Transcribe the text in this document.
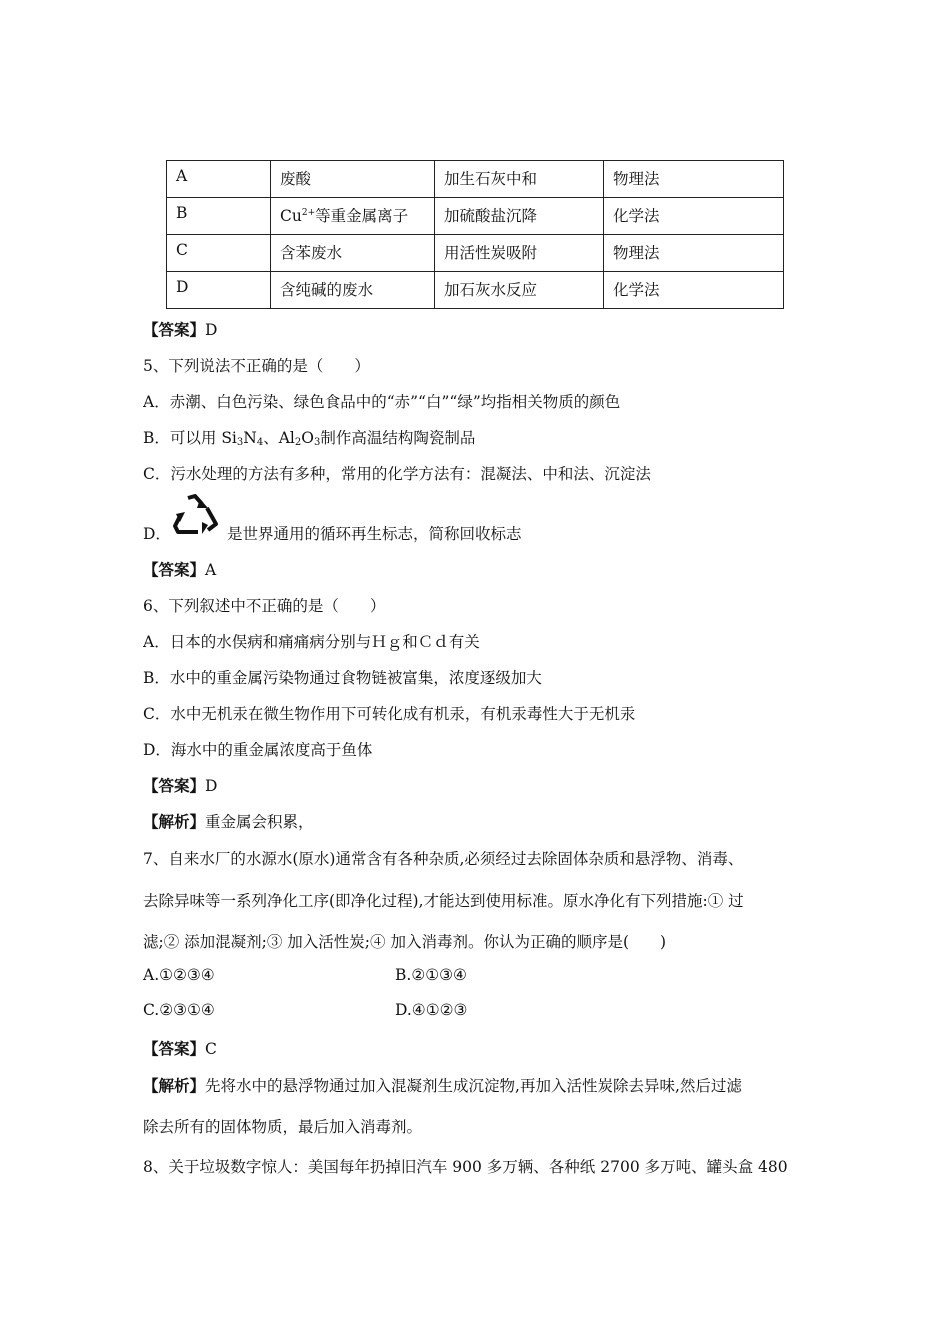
A	废酸	加生石灰中和	物理法
B	$Cu^{2+}$等重金属离子	加硫酸盐沉降	化学法
C	含苯废水	用活性炭吸附	物理法
D	含纯碱的废水	加石灰水反应	化学法
【答案】D
5、下列说法不正确的是（　　）
A．赤潮、白色污染、绿色食品中的“赤”“白”“绿”均指相关物质的颜色
B．可以用 $Si_3N_4$、$Al_2O_3$制作高温结构陶瓷制品
C．污水处理的方法有多种，常用的化学方法有：混凝法、中和法、沉淀法
D．	是世界通用的循环再生标志，简称回收标志
【答案】A
6、下列叙述中不正确的是（　　）
A．日本的水俣病和痛痛病分别与Ｈｇ和Ｃｄ有关
B．水中的重金属污染物通过食物链被富集，浓度逐级加大
C．水中无机汞在微生物作用下可转化成有机汞，有机汞毒性大于无机汞
D．海水中的重金属浓度高于鱼体
【答案】D
【解析】重金属会积累，
7、自来水厂的水源水(原水)通常含有各种杂质,必须经过去除固体杂质和悬浮物、消毒、
去除异味等一系列净化工序(即净化过程),才能达到使用标准。原水净化有下列措施:① 过
滤;② 添加混凝剂;③ 加入活性炭;④ 加入消毒剂。你认为正确的顺序是(　　)
A.①②③④	B.②①③④
C.②③①④	D.④①②③
【答案】C
【解析】先将水中的悬浮物通过加入混凝剂生成沉淀物,再加入活性炭除去异味,然后过滤
除去所有的固体物质，最后加入消毒剂。
8、关于垃圾数字惊人：美国每年扔掉旧汽车 900 多万辆、各种纸 2700 多万吨、罐头盒 480
